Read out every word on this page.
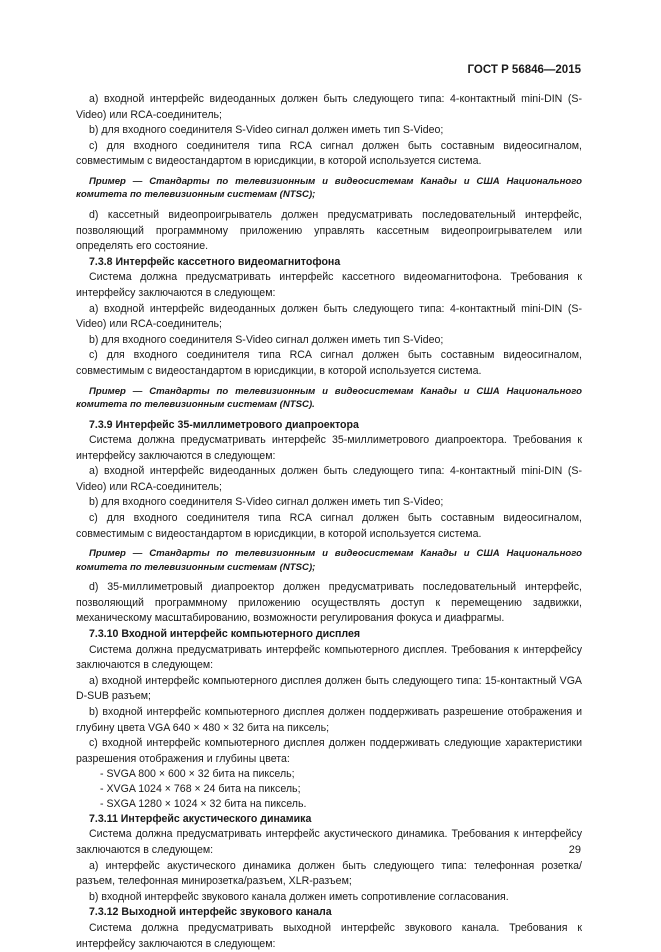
ГОСТ Р 56846—2015

a) входной интерфейс видеоданных должен быть следующего типа: 4-контактный mini-DIN (S-Video) или RCA-соединитель;

b) для входного соединителя S-Video сигнал должен иметь тип S-Video;

c) для входного соединителя типа RCA сигнал должен быть составным видеосигналом, совместимым с видеостандартом в юрисдикции, в которой используется система.

Пример — Стандарты по телевизионным и видеосистемам Канады и США Национального комитета по телевизионным системам (NTSC);

d) кассетный видеопроигрыватель должен предусматривать последовательный интерфейс, позволяющий программному приложению управлять кассетным видеопроигрывателем или определять его состояние.

7.3.8 Интерфейс кассетного видеомагнитофона

Система должна предусматривать интерфейс кассетного видеомагнитофона. Требования к интерфейсу заключаются в следующем:

a) входной интерфейс видеоданных должен быть следующего типа: 4-контактный mini-DIN (S-Video) или RCA-соединитель;

b) для входного соединителя S-Video сигнал должен иметь тип S-Video;

c) для входного соединителя типа RCA сигнал должен быть составным видеосигналом, совместимым с видеостандартом в юрисдикции, в которой используется система.

Пример — Стандарты по телевизионным и видеосистемам Канады и США Национального комитета по телевизионным системам (NTSC).

7.3.9 Интерфейс 35-миллиметрового диапроектора

Система должна предусматривать интерфейс 35-миллиметрового диапроектора. Требования к интерфейсу заключаются в следующем:

a) входной интерфейс видеоданных должен быть следующего типа: 4-контактный mini-DIN (S-Video) или RCA-соединитель;

b) для входного соединителя S-Video сигнал должен иметь тип S-Video;

c) для входного соединителя типа RCA сигнал должен быть составным видеосигналом, совместимым с видеостандартом в юрисдикции, в которой используется система.

Пример — Стандарты по телевизионным и видеосистемам Канады и США Национального комитета по телевизионным системам (NTSC);

d) 35-миллиметровый диапроектор должен предусматривать последовательный интерфейс, позволяющий программному приложению осуществлять доступ к перемещению задвижки, механическому масштабированию, возможности регулирования фокуса и диафрагмы.

7.3.10 Входной интерфейс компьютерного дисплея

Система должна предусматривать интерфейс компьютерного дисплея. Требования к интерфейсу заключаются в следующем:

a) входной интерфейс компьютерного дисплея должен быть следующего типа: 15-контактный VGA D-SUB разъем;

b) входной интерфейс компьютерного дисплея должен поддерживать разрешение отображения и глубину цвета VGA 640 × 480 × 32 бита на пиксель;

c) входной интерфейс компьютерного дисплея должен поддерживать следующие характеристики разрешения отображения и глубины цвета:

- SVGA 800 × 600 × 32 бита на пиксель;

- XVGA 1024 × 768 × 24 бита на пиксель;

- SXGA 1280 × 1024 × 32 бита на пиксель.

7.3.11 Интерфейс акустического динамика

Система должна предусматривать интерфейс акустического динамика. Требования к интерфейсу заключаются в следующем:

a) интерфейс акустического динамика должен быть следующего типа: телефонная розетка/разъем, телефонная минирозетка/разъем, XLR-разъем;

b) входной интерфейс звукового канала должен иметь сопротивление согласования.

7.3.12 Выходной интерфейс звукового канала

Система должна предусматривать выходной интерфейс звукового канала. Требования к интерфейсу заключаются в следующем:

29
